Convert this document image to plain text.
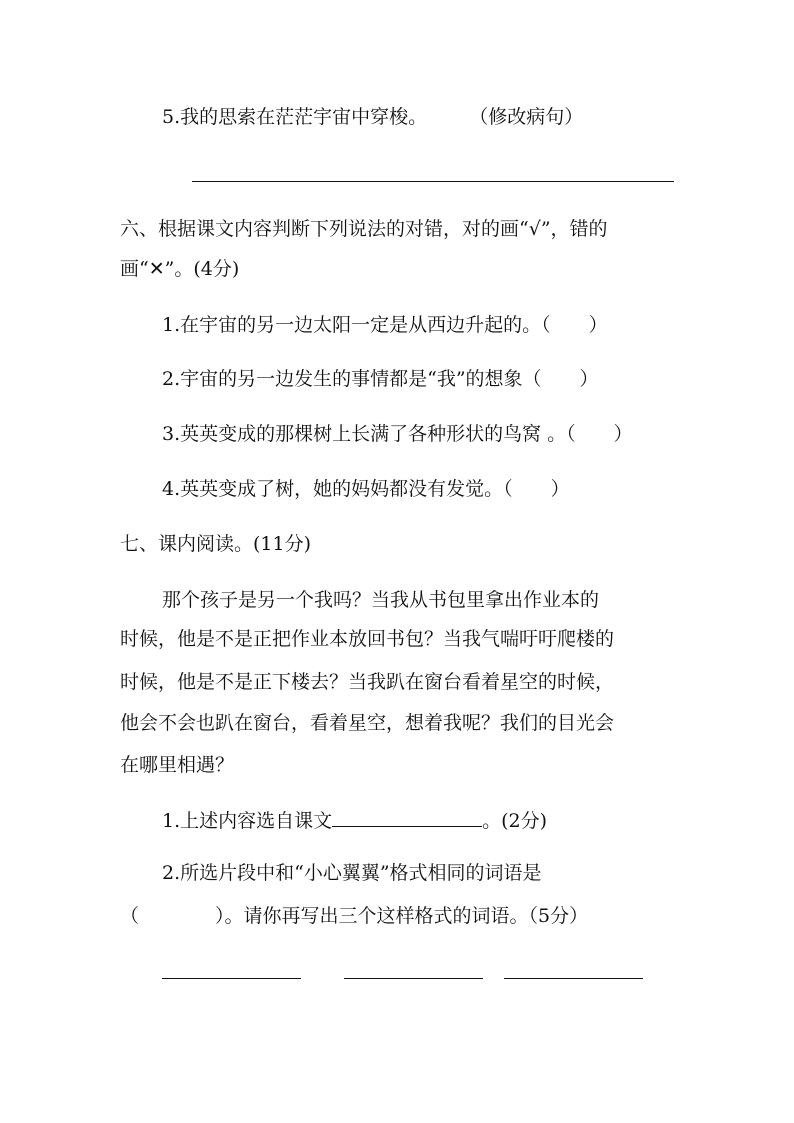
5.我的思索在茫茫宇宙中穿梭。 （修改病句）
六、根据课文内容判断下列说法的对错，对的画“√”，错的
画“✕”。(4分)
1.在宇宙的另一边太阳一定是从西边升起的。（　　）
2.宇宙的另一边发生的事情都是“我”的想象（　　）
3.英英变成的那棵树上长满了各种形状的鸟窝 。（　　）
4.英英变成了树，她的妈妈都没有发觉。（　　）
七、课内阅读。(11分)
那个孩子是另一个我吗？当我从书包里拿出作业本的
时候，他是不是正把作业本放回书包？当我气喘吁吁爬楼的
时候，他是不是正下楼去？当我趴在窗台看着星空的时候，
他会不会也趴在窗台，看着星空，想着我呢？我们的目光会
在哪里相遇？
1.上述内容选自课文	。(2分)
2.所选片段中和“小心翼翼”格式相同的词语是
（　　　　）。请你再写出三个这样格式的词语。（5分）
